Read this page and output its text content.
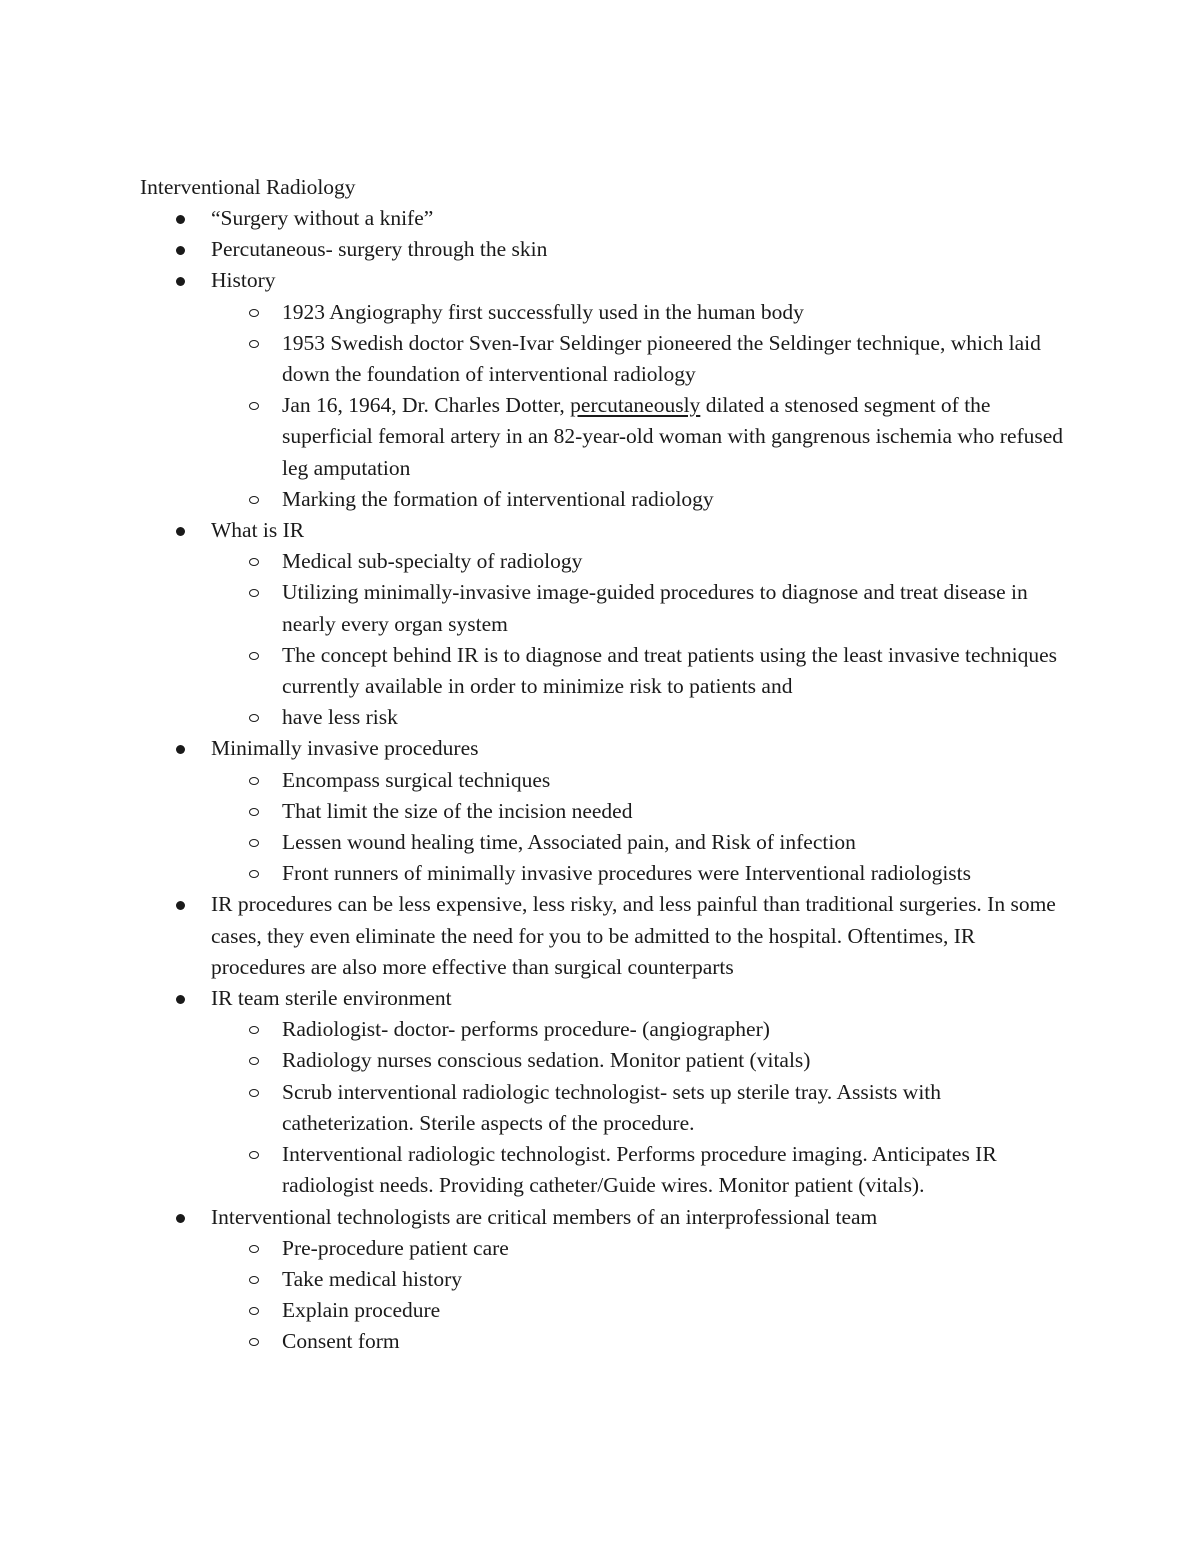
Interventional Radiology
“Surgery without a knife”
Percutaneous- surgery through the skin
History
1923 Angiography first successfully used in the human body
1953 Swedish doctor Sven-Ivar Seldinger pioneered the Seldinger technique, which laid down the foundation of interventional radiology
Jan 16, 1964, Dr. Charles Dotter, percutaneously dilated a stenosed segment of the superficial femoral artery in an 82-year-old woman with gangrenous ischemia who refused leg amputation
Marking the formation of interventional radiology
What is IR
Medical sub-specialty of radiology
Utilizing minimally-invasive image-guided procedures to diagnose and treat disease in nearly every organ system
The concept behind IR is to diagnose and treat patients using the least invasive techniques currently available in order to minimize risk to patients and
have less risk
Minimally invasive procedures
Encompass surgical techniques
That limit the size of the incision needed
Lessen wound healing time, Associated pain, and Risk of infection
Front runners of minimally invasive procedures were Interventional radiologists
IR procedures can be less expensive, less risky, and less painful than traditional surgeries. In some cases, they even eliminate the need for you to be admitted to the hospital. Oftentimes, IR procedures are also more effective than surgical counterparts
IR team sterile environment
Radiologist- doctor- performs procedure- (angiographer)
Radiology nurses conscious sedation. Monitor patient (vitals)
Scrub interventional radiologic technologist- sets up sterile tray. Assists with catheterization. Sterile aspects of the procedure.
Interventional radiologic technologist. Performs procedure imaging. Anticipates IR radiologist needs. Providing catheter/Guide wires. Monitor patient (vitals).
Interventional technologists are critical members of an interprofessional team
Pre-procedure patient care
Take medical history
Explain procedure
Consent form
